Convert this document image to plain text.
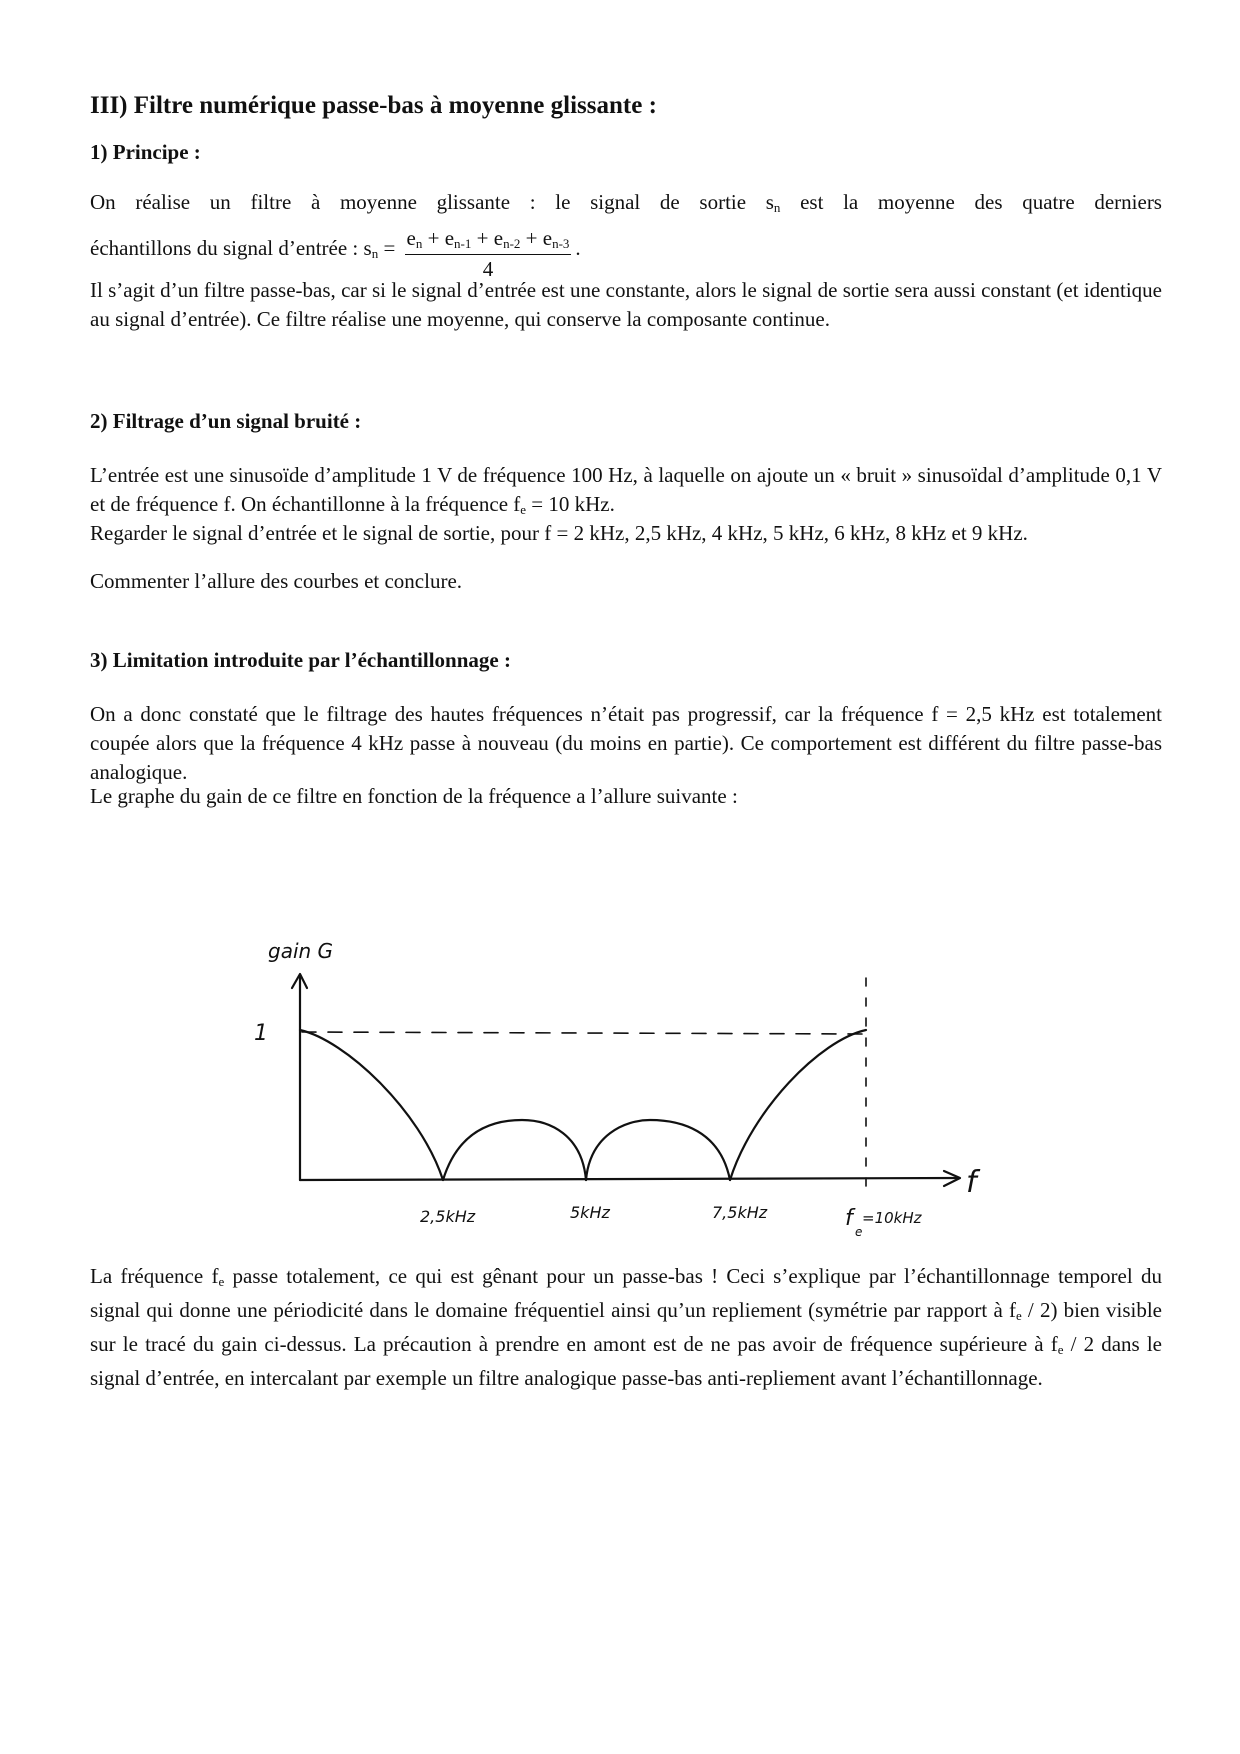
III) Filtre numérique passe-bas à moyenne glissante :
1) Principe :
On réalise un filtre à moyenne glissante : le signal de sortie $s_n$ est la moyenne des quatre derniers
échantillons du signal d’entrée : $s_n = \frac{e_n + e_{n-1} + e_{n-2} + e_{n-3}}{4}$ .
Il s’agit d’un filtre passe-bas, car si le signal d’entrée est une constante, alors le signal de sortie sera aussi constant (et identique au signal d’entrée). Ce filtre réalise une moyenne, qui conserve la composante continue.
2) Filtrage d’un signal bruité :
L’entrée est une sinusoïde d’amplitude 1 V de fréquence 100 Hz, à laquelle on ajoute un « bruit » sinusoïdal d’amplitude 0,1 V et de fréquence f. On échantillonne à la fréquence $f_e = 10$ kHz.
Regarder le signal d’entrée et le signal de sortie, pour f = 2 kHz, 2,5 kHz, 4 kHz, 5 kHz, 6 kHz, 8 kHz et 9 kHz.
Commenter l’allure des courbes et conclure.
3) Limitation introduite par l’échantillonnage :
On a donc constaté que le filtrage des hautes fréquences n’était pas progressif, car la fréquence f = 2,5 kHz est totalement coupée alors que la fréquence 4 kHz passe à nouveau (du moins en partie). Ce comportement est différent du filtre passe-bas analogique.
Le graphe du gain de ce filtre en fonction de la fréquence a l’allure suivante :
La fréquence $f_e$ passe totalement, ce qui est gênant pour un passe-bas ! Ceci s’explique par l’échantillonnage temporel du signal qui donne une périodicité dans le domaine fréquentiel ainsi qu’un repliement (symétrie par rapport à $f_e / 2$) bien visible sur le tracé du gain ci-dessus. La précaution à prendre en amont est de ne pas avoir de fréquence supérieure à $f_e / 2$ dans le signal d’entrée, en intercalant par exemple un filtre analogique passe-bas anti-repliement avant l’échantillonnage.
gain G
1
f
2,5kHz	5kHz	7,5kHz	f
e
=10kHz
